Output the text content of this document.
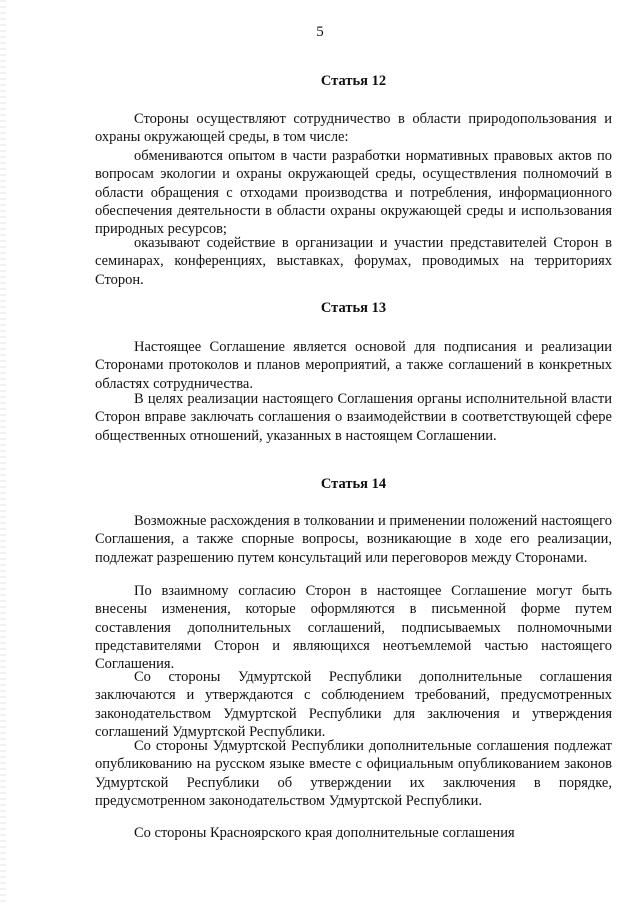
5
Статья 12

Стороны осуществляют сотрудничество в области природопользования и охраны окружающей среды, в том числе:

обмениваются опытом в части разработки нормативных правовых актов по вопросам экологии и охраны окружающей среды, осуществления полномочий в области обращения с отходами производства и потребления, информационного обеспечения деятельности в области охраны окружающей среды и использования природных ресурсов;

оказывают содействие в организации и участии представителей Сторон в семинарах, конференциях, выставках, форумах, проводимых на территориях Сторон.

Статья 13

Настоящее Соглашение является основой для подписания и реализации Сторонами протоколов и планов мероприятий, а также соглашений в конкретных областях сотрудничества.

В целях реализации настоящего Соглашения органы исполнительной власти Сторон вправе заключать соглашения о взаимодействии в соответствующей сфере общественных отношений, указанных в настоящем Соглашении.

Статья 14

Возможные расхождения в толковании и применении положений настоящего Соглашения, а также спорные вопросы, возникающие в ходе его реализации, подлежат разрешению путем консультаций или переговоров между Сторонами.

По взаимному согласию Сторон в настоящее Соглашение могут быть внесены изменения, которые оформляются в письменной форме путем составления дополнительных соглашений, подписываемых полномочными представителями Сторон и являющихся неотъемлемой частью настоящего Соглашения.

Со стороны Удмуртской Республики дополнительные соглашения заключаются и утверждаются с соблюдением требований, предусмотренных законодательством Удмуртской Республики для заключения и утверждения соглашений Удмуртской Республики.

Со стороны Удмуртской Республики дополнительные соглашения подлежат опубликованию на русском языке вместе с официальным опубликованием законов Удмуртской Республики об утверждении их заключения в порядке, предусмотренном законодательством Удмуртской Республики.

Со стороны Красноярского края дополнительные соглашения
